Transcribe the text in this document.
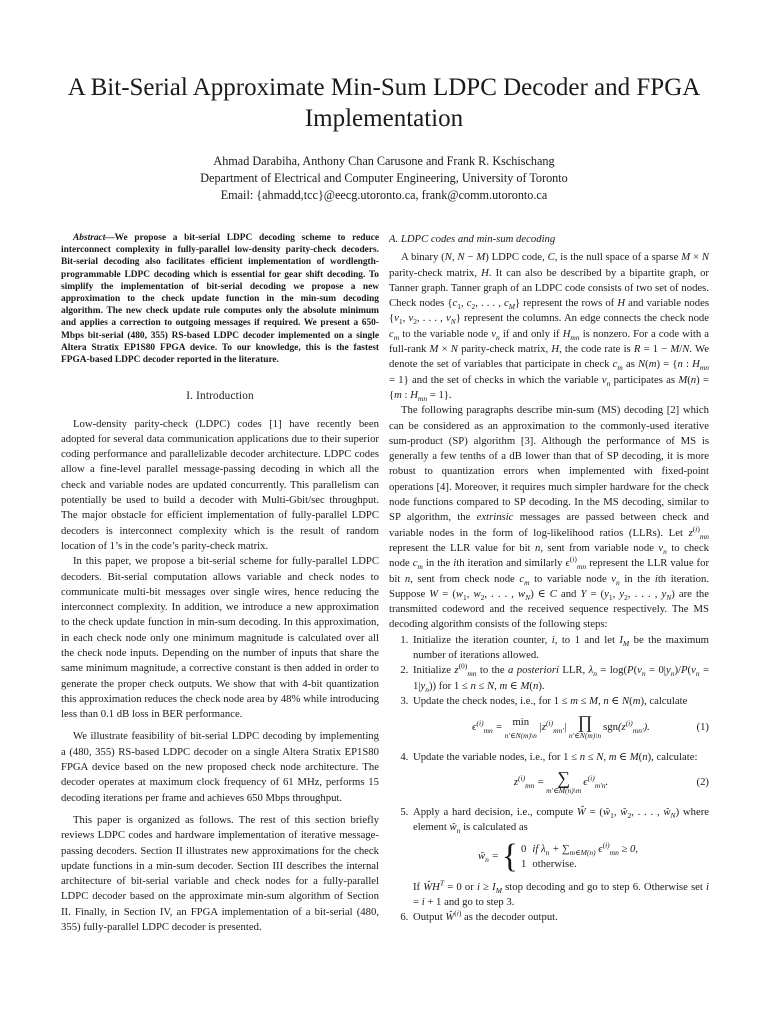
A Bit-Serial Approximate Min-Sum LDPC Decoder and FPGA Implementation
Ahmad Darabiha, Anthony Chan Carusone and Frank R. Kschischang
Department of Electrical and Computer Engineering, University of Toronto
Email: {ahmadd,tcc}@eecg.utoronto.ca, frank@comm.utoronto.ca
Abstract—We propose a bit-serial LDPC decoding scheme to reduce interconnect complexity in fully-parallel low-density parity-check decoders. Bit-serial decoding also facilitates efficient implementation of wordlength-programmable LDPC decoding which is essential for gear shift decoding. To simplify the implementation of bit-serial decoding we propose a new approximation to the check update function in the min-sum decoding algorithm. The new check update rule computes only the absolute minimum and applies a correction to outgoing messages if required. We present a 650-Mbps bit-serial (480, 355) RS-based LDPC decoder implemented on a single Altera Stratix EP1S80 FPGA device. To our knowledge, this is the fastest FPGA-based LDPC decoder reported in the literature.
I. Introduction

Low-density parity-check (LDPC) codes [1] have recently been adopted for several data communication applications due to their superior coding performance and parallelizable decoder architecture. LDPC codes allow a fine-level parallel message-passing decoding in which all the check and variable nodes are updated concurrently. This parallelism can potentially be used to build a decoder with Multi-Gbit/sec throughput. The major obstacle for efficient implementation of fully-parallel LDPC decoders is interconnect complexity which is the result of random location of 1’s in the code’s parity-check matrix.

In this paper, we propose a bit-serial scheme for fully-parallel LDPC decoders. Bit-serial computation allows variable and check nodes to communicate multi-bit messages over single wires, hence reducing the interconnect complexity. In addition, we introduce a new approximation to the check update function in min-sum decoding. In this approximation, in each check node only one minimum magnitude is calculated over all the check node inputs. Depending on the number of inputs that share the same minimum magnitude, a corrective constant is then added in order to generate the proper check outputs. We show that with 4-bit quantization this approximation reduces the check node area by 48% while introducing less than 0.1 dB loss in BER performance.

We illustrate feasibility of bit-serial LDPC decoding by implementing a (480, 355) RS-based LDPC decoder on a single Altera Stratix EP1S80 FPGA device based on the new proposed check node architecture. The decoder operates at maximum clock frequency of 61 MHz, performs 15 decoding iterations per frame and achieves 650 Mbps throughput.

This paper is organized as follows. The rest of this section briefly reviews LDPC codes and hardware implementation of iterative message-passing decoders. Section II illustrates new approximations for the check update functions in a min-sum decoder. Section III describes the internal architecture of bit-serial variable and check nodes for a fully-parallel LDPC decoder based on the approximate min-sum algorithm of Section II. Finally, in Section IV, an FPGA implementation of a bit-serial (480, 355) fully-parallel LDPC decoder is presented.

A. LDPC codes and min-sum decoding

A binary (N, N − M) LDPC code, C, is the null space of a sparse M × N parity-check matrix, H. It can also be described by a bipartite graph, or Tanner graph. Tanner graph of an LDPC code consists of two set of nodes. Check nodes {$c_1$, $c_2$, . . . , $c_M$} represent the rows of H and variable nodes {$v_1$, $v_2$, . . . , $v_N$} represent the columns. An edge connects the check node $c_m$ to the variable node $v_n$ if and only if $H_{mn}$ is nonzero. For a code with a full-rank M × N parity-check matrix, H, the code rate is R = 1 − M/N. We denote the set of variables that participate in check $c_m$ as N(m) = {n : $H_{mn} = 1$} and the set of checks in which the variable $v_n$ participates as M(n) = {m : $H_{mn} = 1$}.

The following paragraphs describe min-sum (MS) decoding [2] which can be considered as an approximation to the commonly-used iterative sum-product (SP) algorithm [3]. Although the performance of MS is generally a few tenths of a dB lower than that of SP decoding, it is more robust to quantization errors when implemented with fixed-point operations [4]. Moreover, it requires much simpler hardware for the check node functions compared to SP decoding. In the MS decoding, similar to SP algorithm, the extrinsic messages are passed between check and variable nodes in the form of log-likelihood ratios (LLRs). Let $z^{(i)}_{mn}$ represent the LLR value for bit n, sent from variable node $v_n$ to check node $c_m$ in the ith iteration and similarly $\epsilon^{(i)}_{mn}$ represent the LLR value for bit n, sent from check node $c_m$ to variable node $v_n$ in the ith iteration. Suppose $W = (w_1$, $w_2$, . . . , $w_N$) ∈ C and $Y = (y_1$, $y_2$, . . . , $y_N$) are the transmitted codeword and the received sequence respectively. The MS decoding algorithm consists of the following steps:

1. Initialize the iteration counter, i, to 1 and let $I_M$ be the maximum number of iterations allowed.
2. Initialize $z^{(0)}_{mn}$ to the a posteriori LLR, $\lambda_n = \log(P(v_n = 0|y_n)/P(v_n = 1|y_n))$ for 1 ≤ n ≤ N, m ∈ M(n).
3. Update the check nodes, i.e., for 1 ≤ m ≤ M, n ∈ N(m), calculate
$\epsilon^{(i)}_{mn} = \min$
n′∈N(m)\n
$|z^{(i)}_{mn'}|$ ∏
n′∈N(m)\n
$sgn(z^{(i)}_{mn'})$.	(1)
4. Update the variable nodes, i.e., for 1 ≤ n ≤ N, m ∈ M(n), calculate:
$z^{(i)}_{mn}$ = ∑
m′∈M(n)\m
$\epsilon^{(i)}_{m'n}$.	(2)
5. Apply a hard decision, i.e., compute Ŵ = ($ŵ_1$, $ŵ_2$, . . . , $ŵ_N$) where element $ŵ_n$ is calculated as
$ŵ_n$ = { 0	if $\lambda_n + \sum_{m\in M(n)}$ $\epsilon^{(i)}_{mn} \ge 0$,
1	otherwise.
If $ŴH^T = 0$ or $i \ge I_M$ stop decoding and go to step 6. Otherwise set i = i + 1 and go to step 3.
6. Output $Ŵ^{(i)}$ as the decoder output.
